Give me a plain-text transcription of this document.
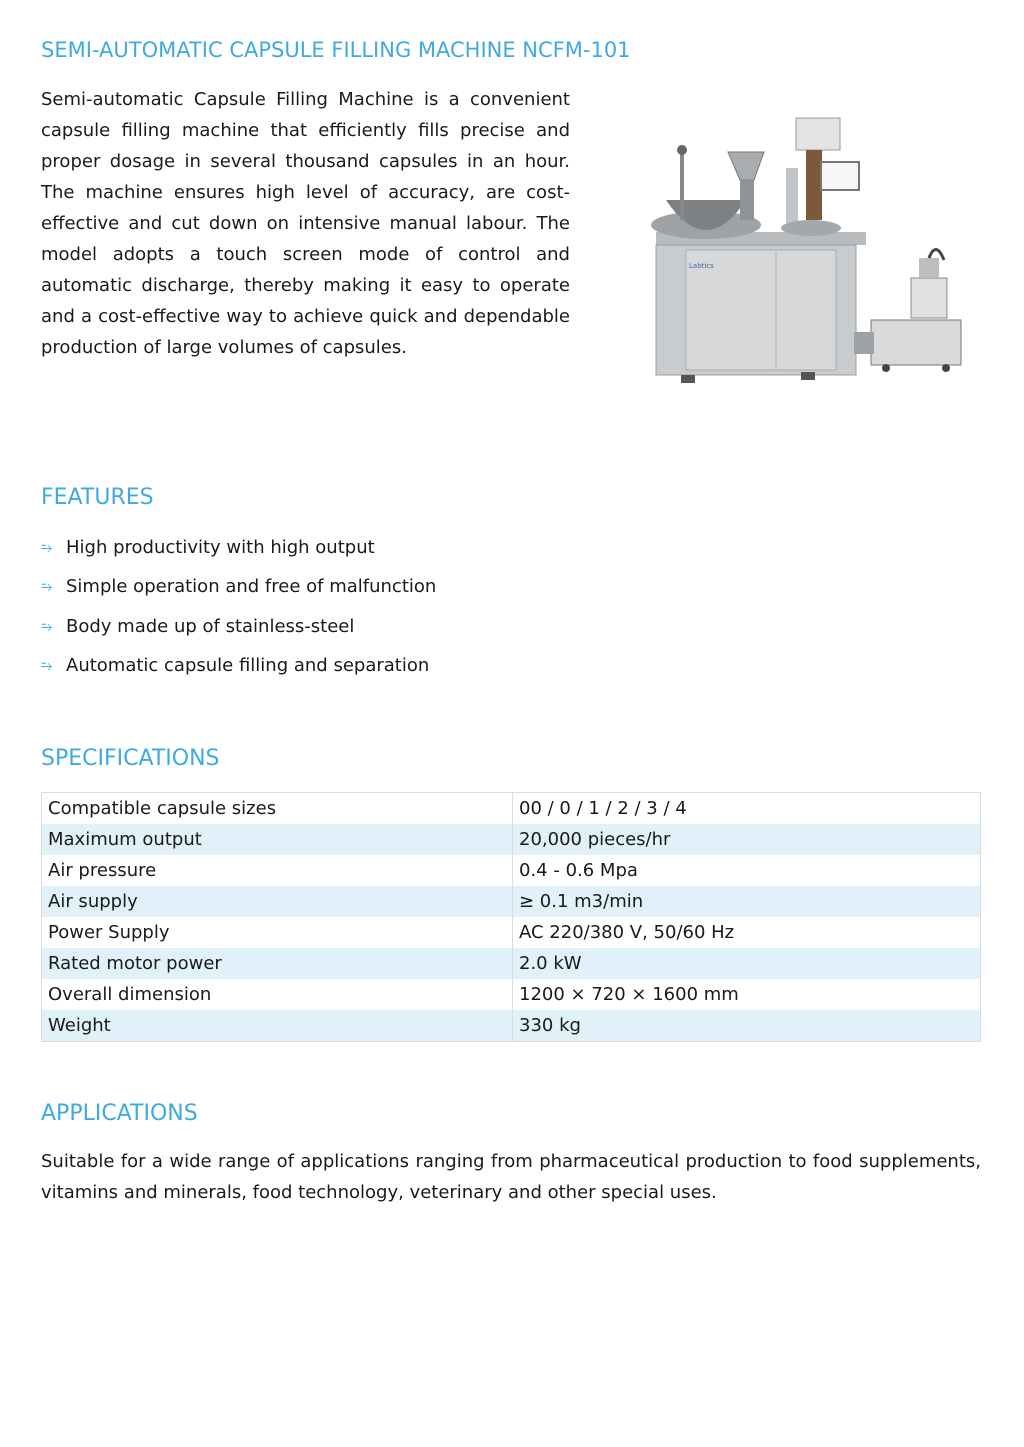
SEMI-AUTOMATIC CAPSULE FILLING MACHINE NCFM-101

Semi-automatic Capsule Filling Machine is a convenient capsule filling machine that efficiently fills precise and proper dosage in several thousand capsules in an hour. The machine ensures high level of accuracy, are cost-effective and cut down on intensive manual labour. The model adopts a touch screen mode of control and automatic discharge, thereby making it easy to operate and a cost-effective way to achieve quick and dependable production of large volumes of capsules.

Labtics
FEATURES
⥲ High productivity with high output
⥲ Simple operation and free of malfunction
⥲ Body made up of stainless-steel
⥲ Automatic capsule filling and separation
SPECIFICATIONS
Compatible capsule sizes	00 / 0 / 1 / 2 / 3 / 4
Maximum output	20,000 pieces/hr
Air pressure	0.4 - 0.6 Mpa
Air supply	≥ 0.1 m3/min
Power Supply	AC 220/380 V, 50/60 Hz
Rated motor power	2.0 kW
Overall dimension	1200 × 720 × 1600 mm
Weight	330 kg
APPLICATIONS

Suitable for a wide range of applications ranging from pharmaceutical production to food supplements, vitamins and minerals, food technology, veterinary and other special uses.
